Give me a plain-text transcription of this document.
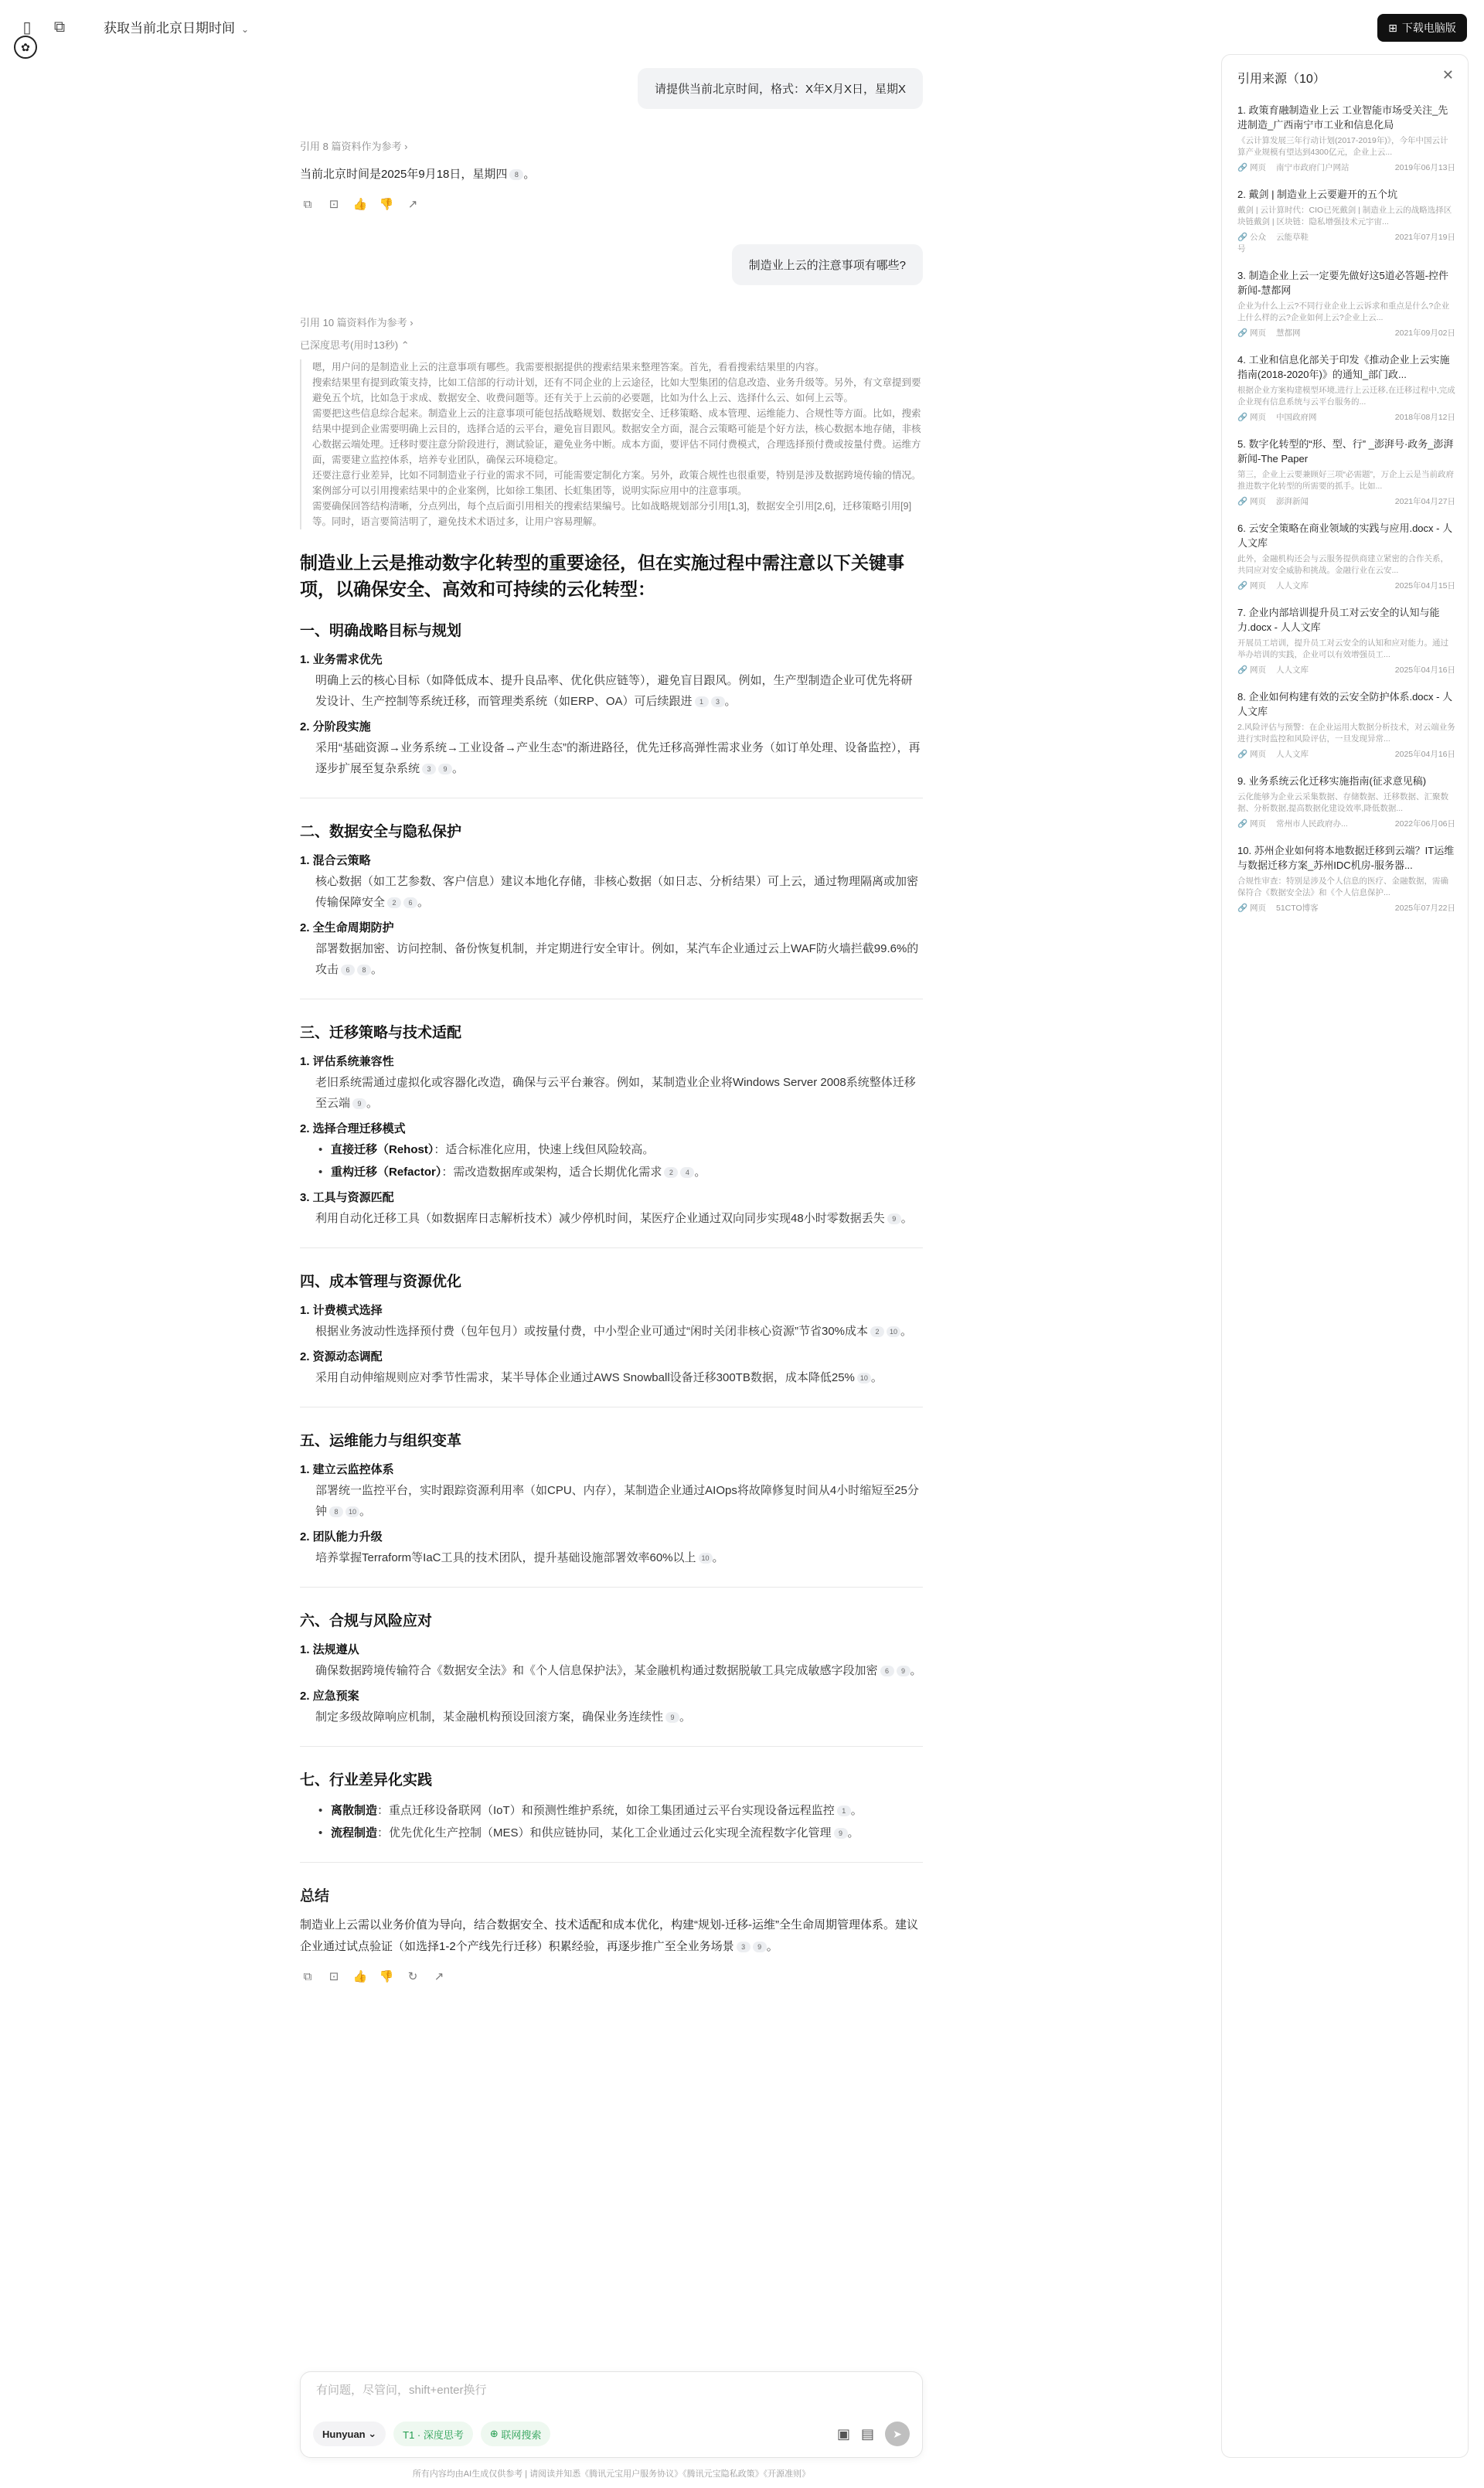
▯	⧉	获取当前北京日期时间 ⌄
✿
⊞ 下载电脑版
请提供当前北京时间，格式：X年X月X日，星期X
引用 8 篇资料作为参考 ›

当前北京时间是2025年9月18日，星期四 8 。

⧉	⊡ 👍 👎 ↗
制造业上云的注意事项有哪些?
引用 10 篇资料作为参考 ›
已深度思考(用时13秒) ⌃

嗯，用户问的是制造业上云的注意事项有哪些。我需要根据提供的搜索结果来整理答案。首先，看看搜索结果里的内容。

搜索结果里有提到政策支持，比如工信部的行动计划，还有不同企业的上云途径，比如大型集团的信息改造、业务升级等。另外，有文章提到要避免五个坑，比如急于求成、数据安全、收费问题等。还有关于上云前的必要题，比如为什么上云、选择什么云、如何上云等。

需要把这些信息综合起来。制造业上云的注意事项可能包括战略规划、数据安全、迁移策略、成本管理、运维能力、合规性等方面。比如，搜索结果中提到企业需要明确上云目的，选择合适的云平台，避免盲目跟风。数据安全方面，混合云策略可能是个好方法，核心数据本地存储，非核心数据云端处理。迁移时要注意分阶段进行，测试验证，避免业务中断。成本方面，要评估不同付费模式，合理选择预付费或按量付费。运维方面，需要建立监控体系，培养专业团队，确保云环境稳定。

还要注意行业差异，比如不同制造业子行业的需求不同，可能需要定制化方案。另外，政策合规性也很重要，特别是涉及数据跨境传输的情况。案例部分可以引用搜索结果中的企业案例，比如徐工集团、长虹集团等，说明实际应用中的注意事项。

需要确保回答结构清晰，分点列出，每个点后面引用相关的搜索结果编号。比如战略规划部分引用[1,3]，数据安全引用[2,6]，迁移策略引用[9]等。同时，语言要简洁明了，避免技术术语过多，让用户容易理解。

制造业上云是推动数字化转型的重要途径，但在实施过程中需注意以下关键事项，以确保安全、高效和可持续的云化转型：
一、明确战略目标与规划
1. 业务需求优先

明确上云的核心目标（如降低成本、提升良品率、优化供应链等），避免盲目跟风。例如，生产型制造企业可优先将研发设计、生产控制等系统迁移，而管理类系统（如ERP、OA）可后续跟进 1 3 。

2. 分阶段实施

采用“基础资源→业务系统→工业设备→产业生态”的渐进路径，优先迁移高弹性需求业务（如订单处理、设备监控），再逐步扩展至复杂系统 3 9 。

二、数据安全与隐私保护
1. 混合云策略

核心数据（如工艺参数、客户信息）建议本地化存储，非核心数据（如日志、分析结果）可上云，通过物理隔离或加密传输保障安全 2 6 。

2. 全生命周期防护

部署数据加密、访问控制、备份恢复机制，并定期进行安全审计。例如，某汽车企业通过云上WAF防火墙拦截99.6%的攻击 6 8 。

三、迁移策略与技术适配
1. 评估系统兼容性

老旧系统需通过虚拟化或容器化改造，确保与云平台兼容。例如，某制造业企业将Windows Server 2008系统整体迁移至云端 9 。

2. 选择合理迁移模式
• 直接迁移（Rehost）：适合标准化应用，快速上线但风险较高。
• 重构迁移（Refactor）：需改造数据库或架构，适合长期优化需求 2 4 。
3. 工具与资源匹配

利用自动化迁移工具（如数据库日志解析技术）减少停机时间，某医疗企业通过双向同步实现48小时零数据丢失 9 。

四、成本管理与资源优化
1. 计费模式选择

根据业务波动性选择预付费（包年包月）或按量付费，中小型企业可通过“闲时关闭非核心资源”节省30%成本 2 10 。

2. 资源动态调配

采用自动伸缩规则应对季节性需求，某半导体企业通过AWS Snowball设备迁移300TB数据，成本降低25% 10 。

五、运维能力与组织变革
1. 建立云监控体系

部署统一监控平台，实时跟踪资源利用率（如CPU、内存），某制造企业通过AIOps将故障修复时间从4小时缩短至25分钟 8 10 。

2. 团队能力升级

培养掌握Terraform等IaC工具的技术团队，提升基础设施部署效率60%以上 10 。

六、合规与风险应对
1. 法规遵从

确保数据跨境传输符合《数据安全法》和《个人信息保护法》，某金融机构通过数据脱敏工具完成敏感字段加密 6 9 。

2. 应急预案

制定多级故障响应机制，某金融机构预设回滚方案，确保业务连续性 9 。

七、行业差异化实践
• 离散制造：重点迁移设备联网（IoT）和预测性维护系统，如徐工集团通过云平台实现设备远程监控 1 。
• 流程制造：优先优化生产控制（MES）和供应链协同，某化工企业通过云化实现全流程数字化管理 9 。
总结

制造业上云需以业务价值为导向，结合数据安全、技术适配和成本优化，构建“规划-迁移-运维”全生命周期管理体系。建议企业通过试点验证（如选择1-2个产线先行迁移）积累经验，再逐步推广至全业务场景 3 9 。

⧉	⊡ 👍 👎 ↻ ↗
有问题，尽管问，shift+enter换行
Hunyuan ⌄	T1 · 深度思考	⊕
联网搜索	▣ ▤	➤
所有内容均由AI生成仅供参考 | 请阅读并知悉《腾讯元宝用户服务协议》《腾讯元宝隐私政策》《开源准则》
引用来源（10）	✕
1. 政策育融制造业上云 工业智能市场受关注_先进制造_广西南宁市工业和信息化局
《云计算发展三年行动计划(2017-2019年)》，今年中国云计算产业规模有望达到4300亿元，企业上云...
🔗 网页	南宁市政府门户网站	2019年06月13日
2. 戴剑 | 制造业上云要避开的五个坑
戴剑 | 云计算时代：CIO已死戴剑 | 制造业上云的战略选择区块链戴剑 | 区块链：隐私增强技术元宇宙...
🔗 公众号
云能草鞋	2021年07月19日
3. 制造企业上云一定要先做好这5道必答题-控件新闻-慧都网
企业为什么上云?不同行业企业上云诉求和重点是什么?企业上什么样的云?企业如何上云?企业上云...
🔗 网页	慧都网	2021年09月02日
4. 工业和信息化部关于印发《推动企业上云实施指南(2018-2020年)》的通知_部门政...
根据企业方案构建模型环境,进行上云迁移,在迁移过程中,完成企业现有信息系统与云平台服务的...
🔗 网页	中国政府网	2018年08月12日
5. 数字化转型的“形、型、行” _澎湃号·政务_澎湃新闻-The Paper
第三，企业上云要兼顾好三项“必需题”，万企上云是当前政府推进数字化转型的所需要的抓手。比如...
🔗 网页	澎湃新闻	2021年04月27日
6. 云安全策略在商业领域的实践与应用.docx - 人人文库
此外，金融机构还会与云服务提供商建立紧密的合作关系，共同应对安全威胁和挑战。金融行业在云安...
🔗 网页	人人文库	2025年04月15日
7. 企业内部培训提升员工对云安全的认知与能力.docx - 人人文库
开展员工培训，提升员工对云安全的认知和应对能力。通过举办培训的实践，企业可以有效增强员工...
🔗 网页	人人文库	2025年04月16日
8. 企业如何构建有效的云安全防护体系.docx - 人人文库
2.风险评估与预警：在企业运用大数据分析技术，对云端业务进行实时监控和风险评估，一旦发现异常...
🔗 网页	人人文库	2025年04月16日
9. 业务系统云化迁移实施指南(征求意见稿)
云化能够为企业云采集数据、存储数据、迁移数据、汇聚数据、分析数据,提高数据化建设效率,降低数据...
🔗 网页	常州市人民政府办...	2022年06月06日
10. 苏州企业如何将本地数据迁移到云端？IT运维与数据迁移方案_苏州IDC机房-服务器...
合规性审查：特别是涉及个人信息的医疗、金融数据，需确保符合《数据安全法》和《个人信息保护...
🔗 网页	51CTO博客	2025年07月22日
